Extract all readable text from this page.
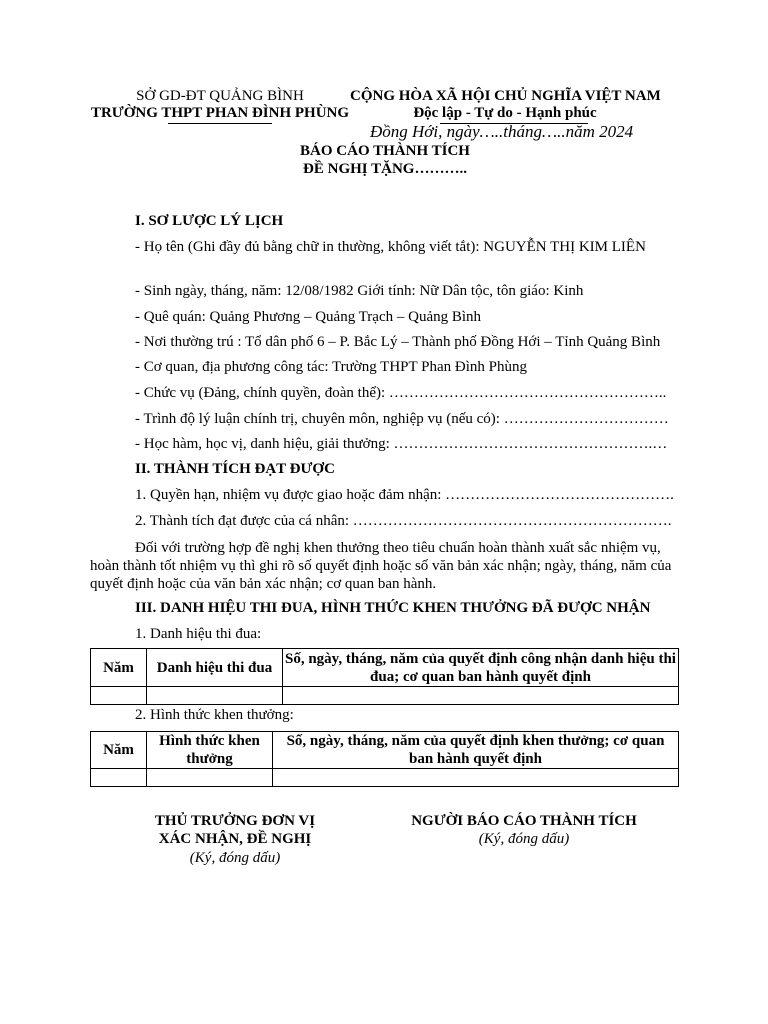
SỞ GD-ĐT QUẢNG BÌNH
TRƯỜNG THPT PHAN ĐÌNH PHÙNG
CỘNG HÒA XÃ HỘI CHỦ NGHĨA VIỆT NAM
Độc lập - Tự do - Hạnh phúc
Đồng Hới, ngày…..tháng…..năm 2024
BÁO CÁO THÀNH TÍCH
ĐỀ NGHỊ TẶNG………..
I. SƠ LƯỢC LÝ LỊCH
- Họ tên (Ghi đầy đủ bằng chữ in thường, không viết tắt): NGUYỄN THỊ KIM LIÊN
- Sinh ngày, tháng, năm: 12/08/1982 Giới tính: Nữ Dân tộc, tôn giáo: Kinh
- Quê quán: Quảng Phương – Quảng Trạch – Quảng Bình
- Nơi thường trú : Tổ dân phố 6 – P. Bắc Lý – Thành phố Đồng Hới – Tỉnh Quảng Bình
- Cơ quan, địa phương công tác: Trường THPT Phan Đình Phùng
- Chức vụ (Đảng, chính quyền, đoàn thể): ………………………………………………..
- Trình độ lý luận chính trị, chuyên môn, nghiệp vụ (nếu có): ……………………………
- Học hàm, học vị, danh hiệu, giải thưởng: …………………………………………….…
II. THÀNH TÍCH ĐẠT ĐƯỢC
1. Quyền hạn, nhiệm vụ được giao hoặc đảm nhận: ……………………………………….
2. Thành tích đạt được của cá nhân: ……………………………………………………….
Đối với trường hợp đề nghị khen thưởng theo tiêu chuẩn hoàn thành xuất sắc nhiệm vụ, hoàn thành tốt nhiệm vụ thì ghi rõ số quyết định hoặc số văn bản xác nhận; ngày, tháng, năm của quyết định hoặc của văn bản xác nhận; cơ quan ban hành.
III. DANH HIỆU THI ĐUA, HÌNH THỨC KHEN THƯỞNG ĐÃ ĐƯỢC NHẬN
1. Danh hiệu thi đua:
Năm	Danh hiệu thi đua	Số, ngày, tháng, năm của quyết định công nhận danh hiệu thi đua; cơ quan ban hành quyết định

2. Hình thức khen thưởng:
Năm	Hình thức khen thưởng	Số, ngày, tháng, năm của quyết định khen thưởng; cơ quan ban hành quyết định

THỦ TRƯỞNG ĐƠN VỊ
XÁC NHẬN, ĐỀ NGHỊ
(Ký, đóng dấu)
NGƯỜI BÁO CÁO THÀNH TÍCH
(Ký, đóng dấu)
